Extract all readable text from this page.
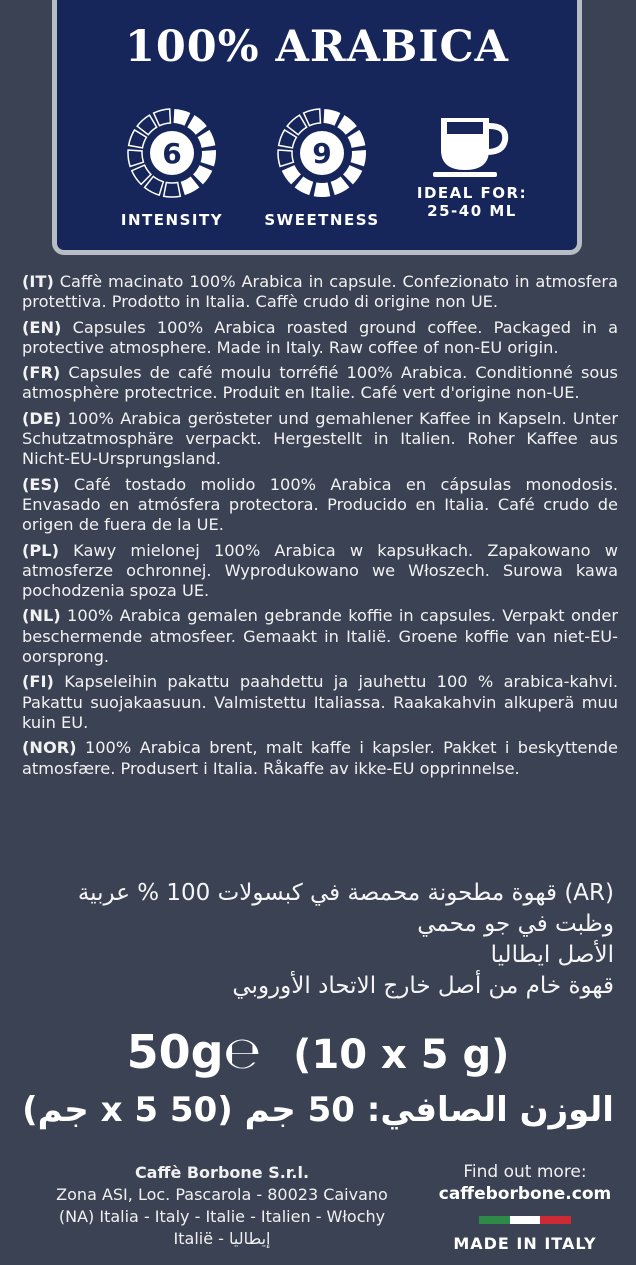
100% ARABICA
6
INTENSITY
9
SWEETNESS
IDEAL FOR:
25-40 ML

(IT) Caffè macinato 100% Arabica in capsule. Confezionato in atmosfera protettiva. Prodotto in Italia. Caffè crudo di origine non UE.

(EN) Capsules 100% Arabica roasted ground coffee. Packaged in a protective atmosphere. Made in Italy. Raw coffee of non-EU origin.

(FR) Capsules de café moulu torréfié 100% Arabica. Conditionné sous atmosphère protectrice. Produit en Italie. Café vert d'origine non-UE.

(DE) 100% Arabica gerösteter und gemahlener Kaffee in Kapseln. Unter Schutzatmosphäre verpackt. Hergestellt in Italien. Roher Kaffee aus Nicht-EU-Ursprungsland.

(ES) Café tostado molido 100% Arabica en cápsulas monodosis. Envasado en atmósfera protectora. Producido en Italia. Café crudo de origen de fuera de la UE.

(PL) Kawy mielonej 100% Arabica w kapsułkach. Zapakowano w atmosferze ochronnej. Wyprodukowano we Włoszech. Surowa kawa pochodzenia spoza UE.

(NL) 100% Arabica gemalen gebrande koffie in capsules. Verpakt onder beschermende atmosfeer. Gemaakt in Italië. Groene koffie van niet-EU-oorsprong.

(FI) Kapseleihin pakattu paahdettu ja jauhettu 100 % arabica-kahvi. Pakattu suojakaasuun. Valmistettu Italiassa. Raakakahvin alkuperä muu kuin EU.

(NOR) 100% Arabica brent, malt kaffe i kapsler. Pakket i beskyttende atmosfære. Produsert i Italia. Råkaffe av ikke-EU opprinnelse.

(AR) قهوة مطحونة محمصة في كبسولات 100 % عربية
وظبت في جو محمي
الأصل ايطاليا
قهوة خام من أصل خارج الاتحاد الأوروبي
50g℮ (10 x 5 g)
الوزن الصافي: 50 جم (50 x 5 جم)
Caffè Borbone S.r.l.
Zona ASI, Loc. Pascarola - 80023 Caivano
(NA) Italia - Italy - Italie - Italien - Włochy
Italië - إيطاليا
Find out more:
caffeborbone.com
MADE IN ITALY
